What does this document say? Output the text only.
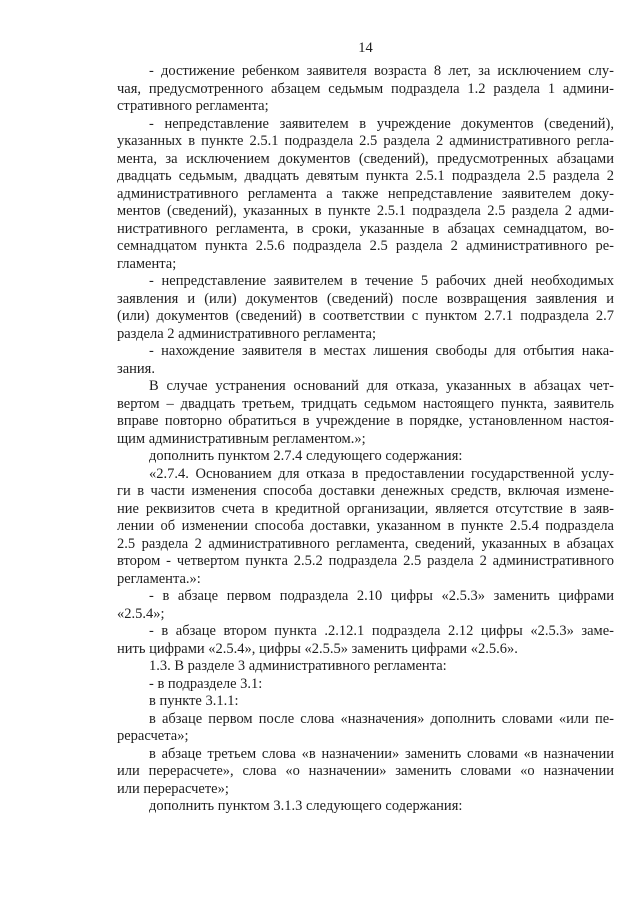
14
- достижение ребенком заявителя возраста 8 лет, за исключением слу-
чая, предусмотренного абзацем седьмым подраздела 1.2 раздела 1 админи-
стративного регламента;
- непредставление заявителем в учреждение документов (сведений),
указанных в пункте 2.5.1 подраздела 2.5 раздела 2 административного регла-
мента, за исключением документов (сведений), предусмотренных абзацами
двадцать седьмым, двадцать девятым пункта 2.5.1 подраздела 2.5 раздела 2
административного регламента а также непредставление заявителем доку-
ментов (сведений), указанных в пункте 2.5.1 подраздела 2.5 раздела 2 адми-
нистративного регламента, в сроки, указанные в абзацах семнадцатом, во-
семнадцатом пункта 2.5.6 подраздела 2.5 раздела 2 административного ре-
гламента;
- непредставление заявителем в течение 5 рабочих дней необходимых
заявления и (или) документов (сведений) после возвращения заявления и
(или) документов (сведений) в соответствии с пунктом 2.7.1 подраздела 2.7
раздела 2 административного регламента;
- нахождение заявителя в местах лишения свободы для отбытия нака-
зания.
В случае устранения оснований для отказа, указанных в абзацах чет-
вертом – двадцать третьем, тридцать седьмом настоящего пункта, заявитель
вправе повторно обратиться в учреждение в порядке, установленном настоя-
щим административным регламентом.»;
дополнить пунктом 2.7.4 следующего содержания:
«2.7.4. Основанием для отказа в предоставлении государственной услу-
ги в части изменения способа доставки денежных средств, включая измене-
ние реквизитов счета в кредитной организации, является отсутствие в заяв-
лении об изменении способа доставки, указанном в пункте 2.5.4 подраздела
2.5 раздела 2 административного регламента, сведений, указанных в абзацах
втором - четвертом пункта 2.5.2 подраздела 2.5 раздела 2 административного
регламента.»:
- в абзаце первом подраздела 2.10 цифры «2.5.3» заменить цифрами
«2.5.4»;
- в абзаце втором пункта .2.12.1 подраздела 2.12 цифры «2.5.3» заме-
нить цифрами «2.5.4», цифры «2.5.5» заменить цифрами «2.5.6».
1.3. В разделе 3 административного регламента:
- в подразделе 3.1:
в пункте 3.1.1:
в абзаце первом после слова «назначения» дополнить словами «или пе-
рерасчета»;
в абзаце третьем слова «в назначении» заменить словами «в назначении
или перерасчете», слова «о назначении» заменить словами «о назначении
или перерасчете»;
дополнить пунктом 3.1.3 следующего содержания:
